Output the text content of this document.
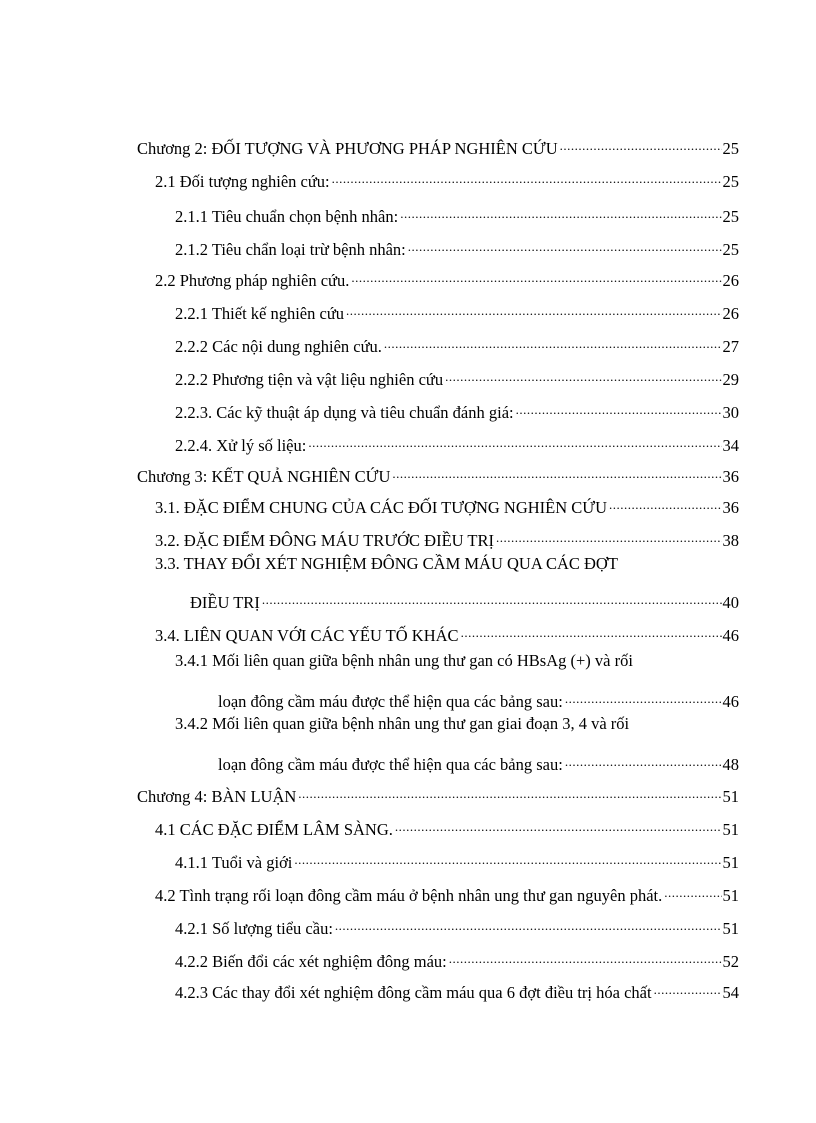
Chương 2: ĐỐI TƯỢNG VÀ PHƯƠNG PHÁP NGHIÊN CỨU .....	25
2.1 Đối tượng nghiên cứu: .....	25
2.1.1 Tiêu chuẩn chọn bệnh nhân: .....	25
2.1.2 Tiêu chẩn loại trừ bệnh nhân: .....	25
2.2 Phương pháp nghiên cứu. .....	26
2.2.1 Thiết kế nghiên cứu .....	26
2.2.2 Các nội dung nghiên cứu. .....	27
2.2.2 Phương tiện và vật liệu nghiên cứu .....	29
2.2.3. Các kỹ thuật áp dụng và tiêu chuẩn đánh giá: .....	30
2.2.4. Xử lý số liệu: .....	34
Chương 3: KẾT QUẢ NGHIÊN CỨU .....	36
3.1. ĐẶC ĐIỂM CHUNG CỦA CÁC ĐỐI TƯỢNG NGHIÊN CỨU .....	36
3.2. ĐẶC ĐIỂM ĐÔNG MÁU TRƯỚC ĐIỀU TRỊ .....	38
3.3. THAY ĐỔI XÉT NGHIỆM ĐÔNG CẦM MÁU QUA CÁC ĐỢT
ĐIỀU TRỊ .....	40
3.4. LIÊN QUAN VỚI CÁC YẾU TỐ KHÁC .....	46
3.4.1 Mối liên quan giữa bệnh nhân ung thư gan có HBsAg (+) và rối
loạn đông cầm máu được thể hiện qua các bảng sau: .....	46
3.4.2 Mối liên quan giữa bệnh nhân ung thư gan giai đoạn 3, 4 và rối
loạn đông cầm máu được thể hiện qua các bảng sau: .....	48
Chương 4: BÀN LUẬN .....	51
4.1 CÁC ĐẶC ĐIỂM LÂM SÀNG. .....	51
4.1.1 Tuổi và giới .....	51
4.2 Tình trạng rối loạn đông cầm máu ở bệnh nhân ung thư gan nguyên phát. .....	51
4.2.1 Số lượng tiểu cầu: .....	51
4.2.2 Biến đổi các xét nghiệm đông máu: .....	52
4.2.3 Các thay đổi xét nghiệm đông cầm máu qua 6 đợt điều trị hóa chất .....	54
